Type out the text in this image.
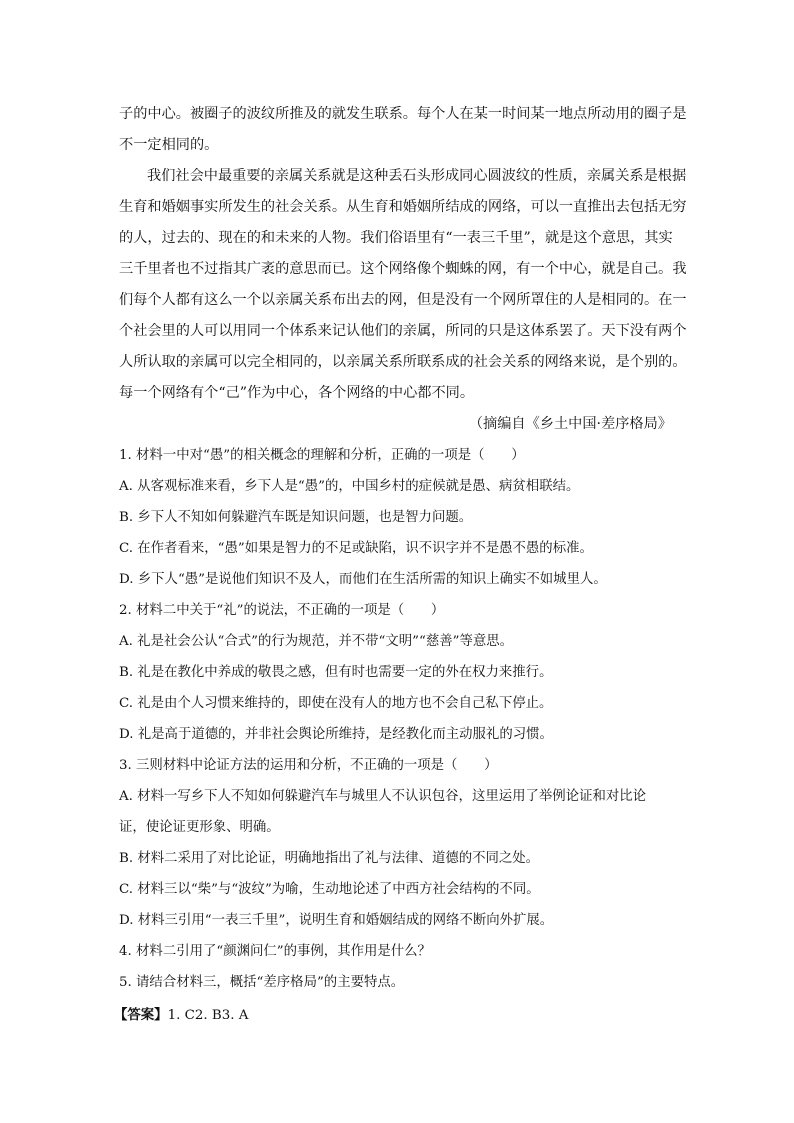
子的中心。被圈子的波纹所推及的就发生联系。每个人在某一时间某一地点所动用的圈子是
不一定相同的。
我们社会中最重要的亲属关系就是这种丢石头形成同心圆波纹的性质，亲属关系是根据
生育和婚姻事实所发生的社会关系。从生育和婚姻所结成的网络，可以一直推出去包括无穷
的人，过去的、现在的和未来的人物。我们俗语里有“一表三千里”，就是这个意思，其实
三千里者也不过指其广袤的意思而已。这个网络像个蜘蛛的网，有一个中心，就是自己。我
们每个人都有这么一个以亲属关系布出去的网，但是没有一个网所罩住的人是相同的。在一
个社会里的人可以用同一个体系来记认他们的亲属，所同的只是这体系罢了。天下没有两个
人所认取的亲属可以完全相同的，以亲属关系所联系成的社会关系的网络来说，是个别的。
每一个网络有个“己”作为中心，各个网络的中心都不同。
（摘编自《乡土中国·差序格局》
1. 材料一中对“愚”的相关概念的理解和分析，正确的一项是（　　）
A. 从客观标准来看，乡下人是“愚”的，中国乡村的症候就是愚、病贫相联结。
B. 乡下人不知如何躲避汽车既是知识问题，也是智力问题。
C. 在作者看来，“愚”如果是智力的不足或缺陷，识不识字并不是愚不愚的标准。
D. 乡下人“愚”是说他们知识不及人，而他们在生活所需的知识上确实不如城里人。
2. 材料二中关于“礼”的说法，不正确的一项是（　　）
A. 礼是社会公认“合式”的行为规范，并不带“文明”“慈善”等意思。
B. 礼是在教化中养成的敬畏之感，但有时也需要一定的外在权力来推行。
C. 礼是由个人习惯来维持的，即使在没有人的地方也不会自己私下停止。
D. 礼是高于道德的，并非社会舆论所维持，是经教化而主动服礼的习惯。
3. 三则材料中论证方法的运用和分析，不正确的一项是（　　）
A. 材料一写乡下人不知如何躲避汽车与城里人不认识包谷，这里运用了举例论证和对比论
证，使论证更形象、明确。
B. 材料二采用了对比论证，明确地指出了礼与法律、道德的不同之处。
C. 材料三以“柴”与“波纹”为喻，生动地论述了中西方社会结构的不同。
D. 材料三引用“一表三千里”，说明生育和婚姻结成的网络不断向外扩展。
4. 材料二引用了“颜渊问仁”的事例，其作用是什么？
5. 请结合材料三，概括“差序格局”的主要特点。
【答案】1. C2. B3. A
